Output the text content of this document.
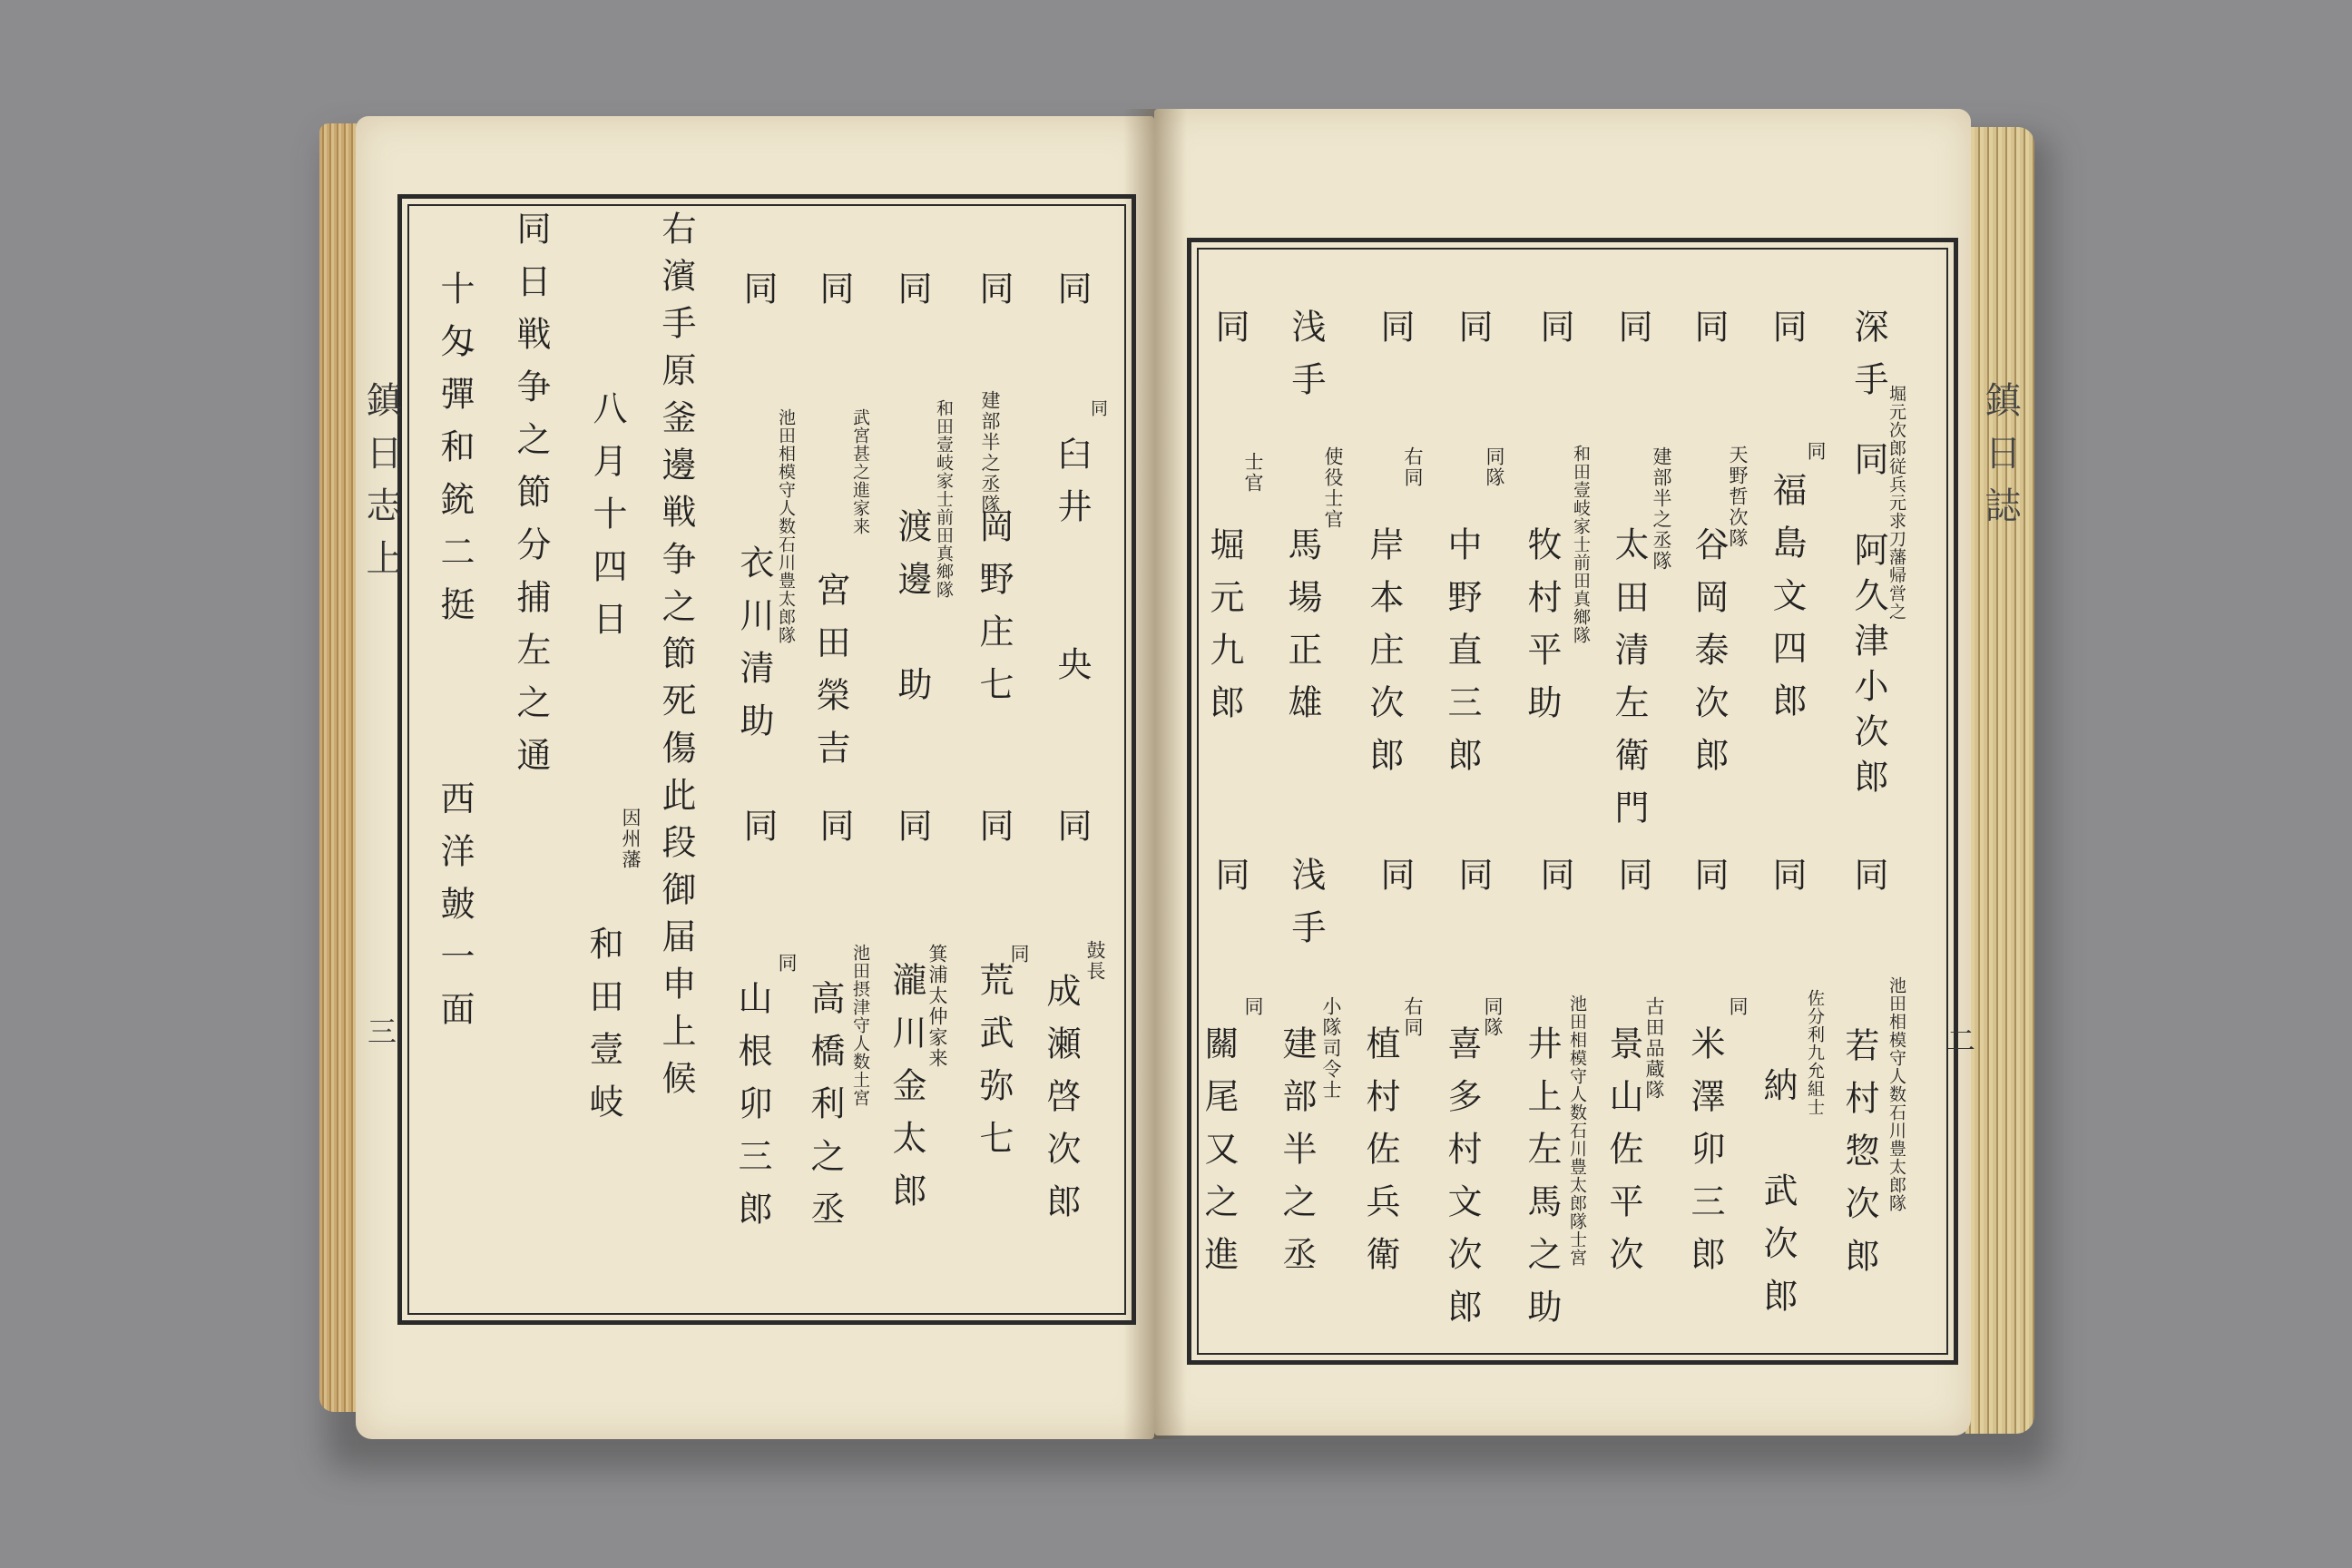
鎮日志上
三
鎮日誌
二
同
同
臼井　　央
同
鼓長
成瀬啓次郎
同
建部半之丞隊
岡野庄七
同
同
荒武弥七
同
和田壹岐家士前田真鄉隊
渡邊　助
同
箕浦太仲家来
瀧川金太郎
同
武宮甚之進家来
宮田榮吉
同
池田摂津守人数土宮
高橋利之丞
同
池田相模守人数石川豊太郎隊
衣川清助
同
同
山根卯三郎
右濱手原釜邊戦争之節死傷此段御届申上候
八月十四日
因州藩
和田壹岐
同日戦争之節分捕左之通
十匁彈和銃二挺
西洋皷一面
深手
堀元次郎従兵元求刀藩帰営之
同　阿久津小次郎
同
池田相模守人数石川豊太郎隊
若村惣次郎
同
同
福島文四郎
同
佐分利九允組士
納　武次郎
同
天野哲次隊
谷岡泰次郎
同
同
米澤卯三郎
同
建部半之丞隊
太田清左衛門
同
古田品蔵隊
景山佐平次
同
和田壹岐家士前田真鄉隊
牧村平助
同
池田相模守人数石川豊太郎隊士宮
井上左馬之助
同
同隊
中野直三郎
同
同隊
喜多村文次郎
同
右同
岸本庄次郎
同
右同
植村佐兵衛
浅手
使役士官
馬場正雄
浅手
小隊司令士
建部半之丞
同
士官
堀元九郎
同
同
關尾又之進
